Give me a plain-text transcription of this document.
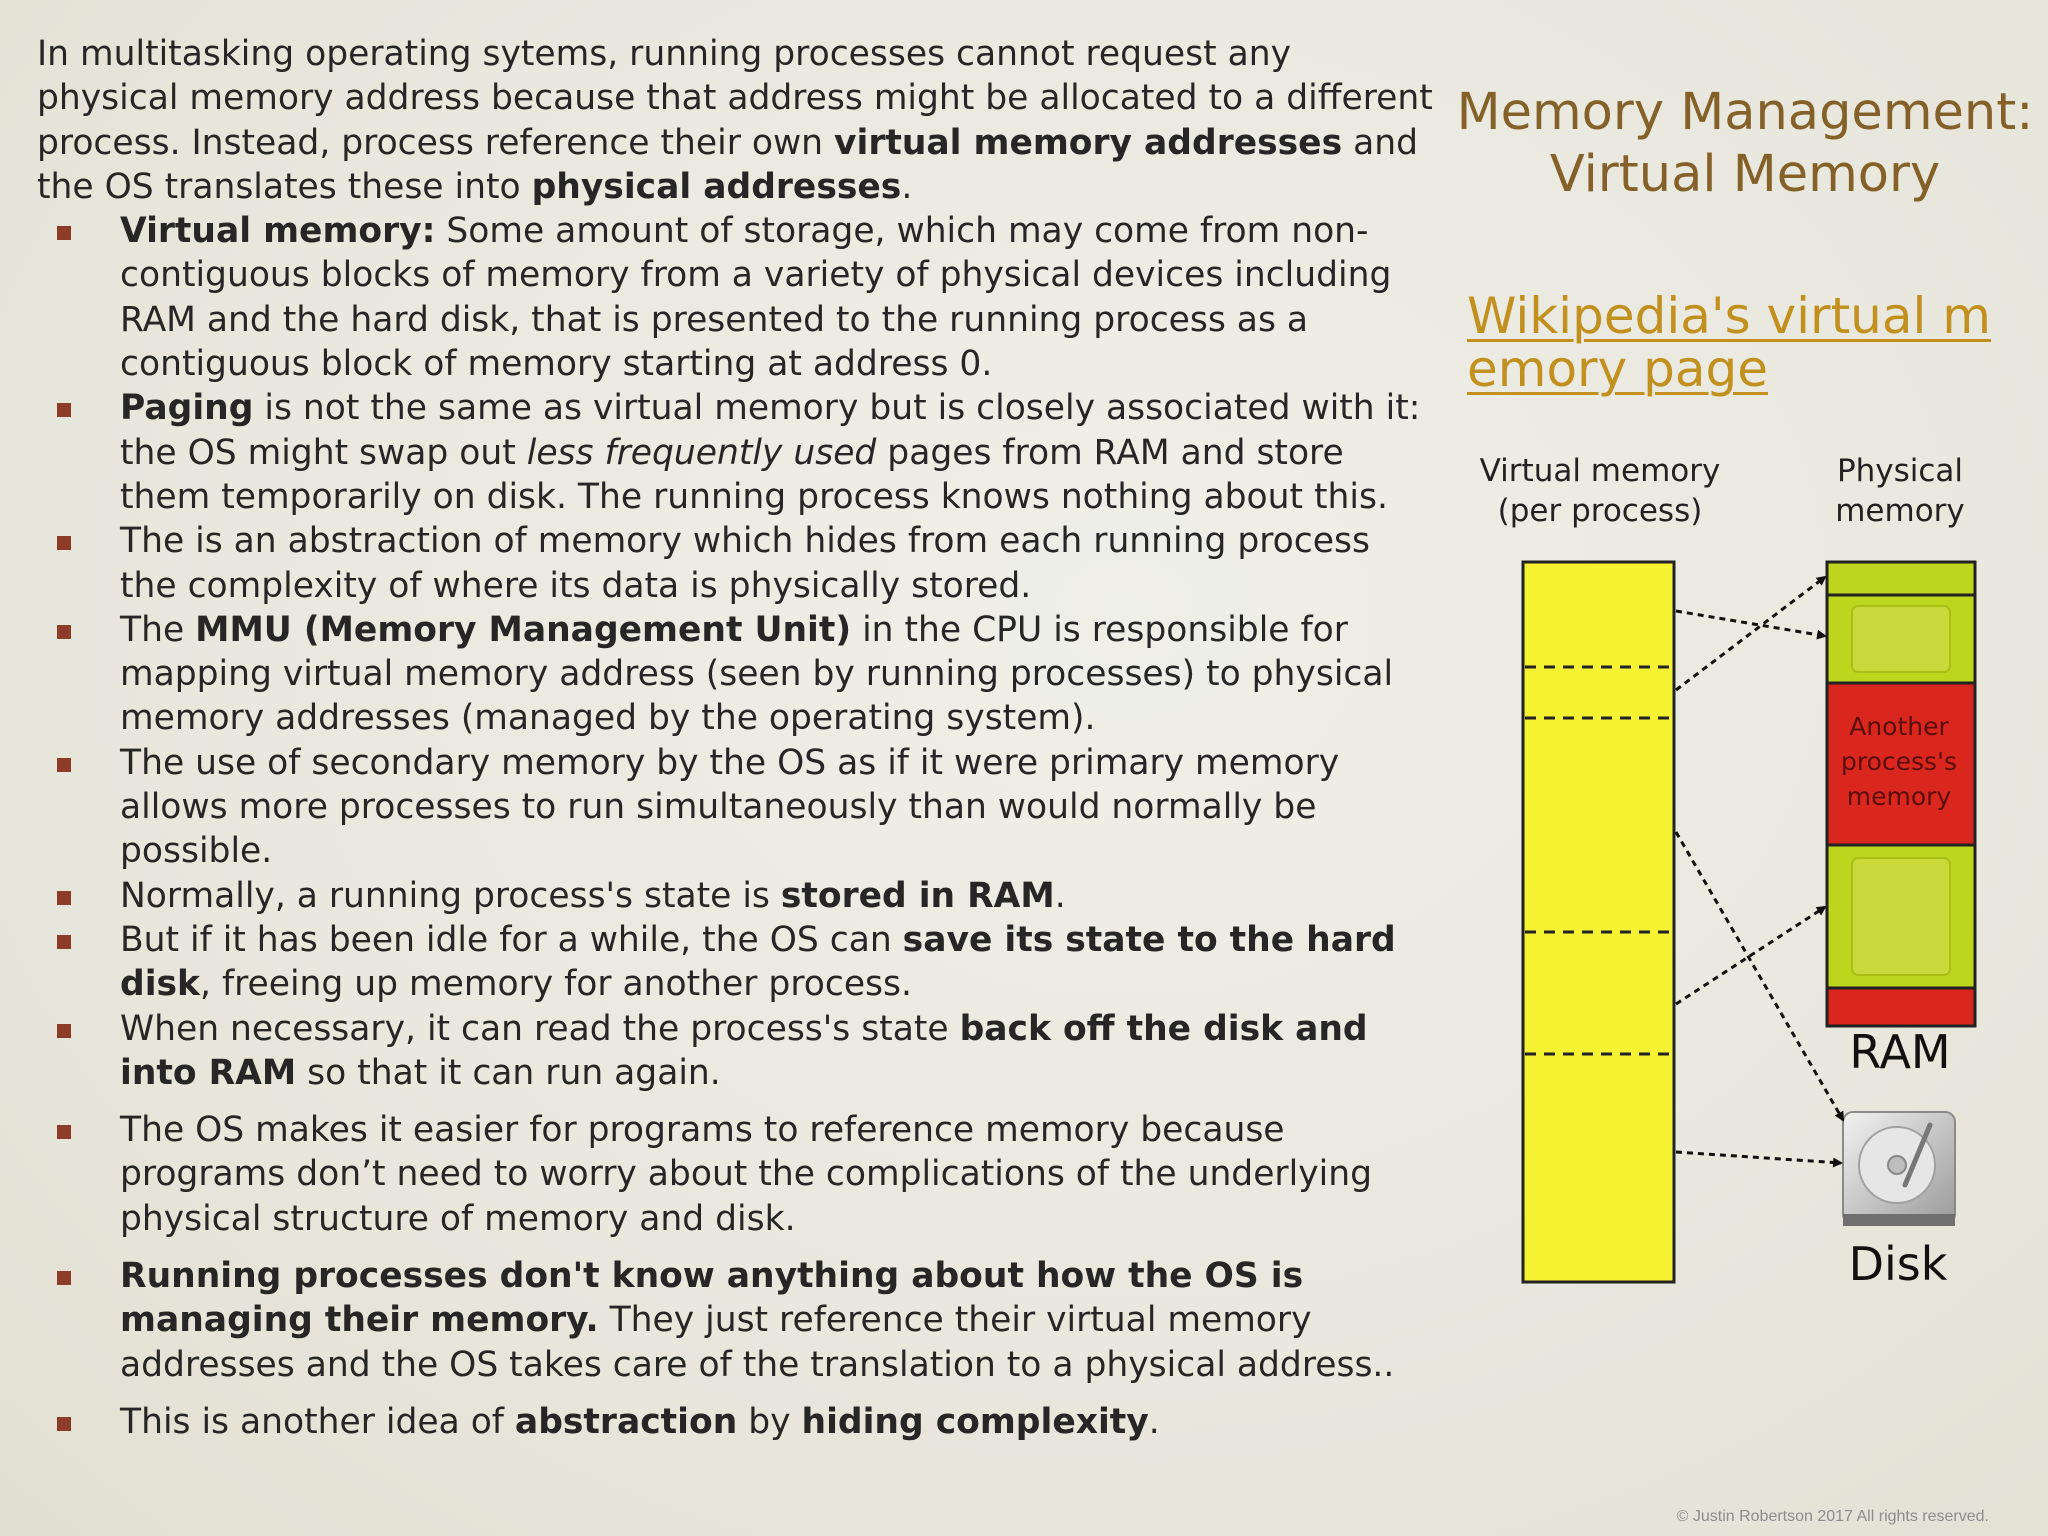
In multitasking operating sytems, running processes cannot request any physical memory address because that address might be allocated to a different process. Instead, process reference their own virtual memory addresses and the OS translates these into physical addresses.

Virtual memory: Some amount of storage, which may come from non-contiguous blocks of memory from a variety of physical devices including RAM and the hard disk, that is presented to the running process as a contiguous block of memory starting at address 0.
Paging is not the same as virtual memory but is closely associated with it: the OS might swap out less frequently used pages from RAM and store them temporarily on disk. The running process knows nothing about this.
The is an abstraction of memory which hides from each running process the complexity of where its data is physically stored.
The MMU (Memory Management Unit) in the CPU is responsible for mapping virtual memory address (seen by running processes) to physical memory addresses (managed by the operating system).
The use of secondary memory by the OS as if it were primary memory allows more processes to run simultaneously than would normally be possible.
Normally, a running process's state is stored in RAM.
But if it has been idle for a while, the OS can save its state to the hard disk, freeing up memory for another process.
When necessary, it can read the process's state back off the disk and into RAM so that it can run again.
The OS makes it easier for programs to reference memory because programs don’t need to worry about the complications of the underlying physical structure of memory and disk.
Running processes don't know anything about how the OS is managing their memory. They just reference their virtual memory addresses and the OS takes care of the translation to a physical address..
This is another idea of abstraction by hiding complexity.
Memory Management:
Virtual Memory
Wikipedia's virtual memory page
Virtual memory
(per process)
Physical
memory
Another
process's
memory
RAM
Disk
© Justin Robertson 2017 All rights reserved.
